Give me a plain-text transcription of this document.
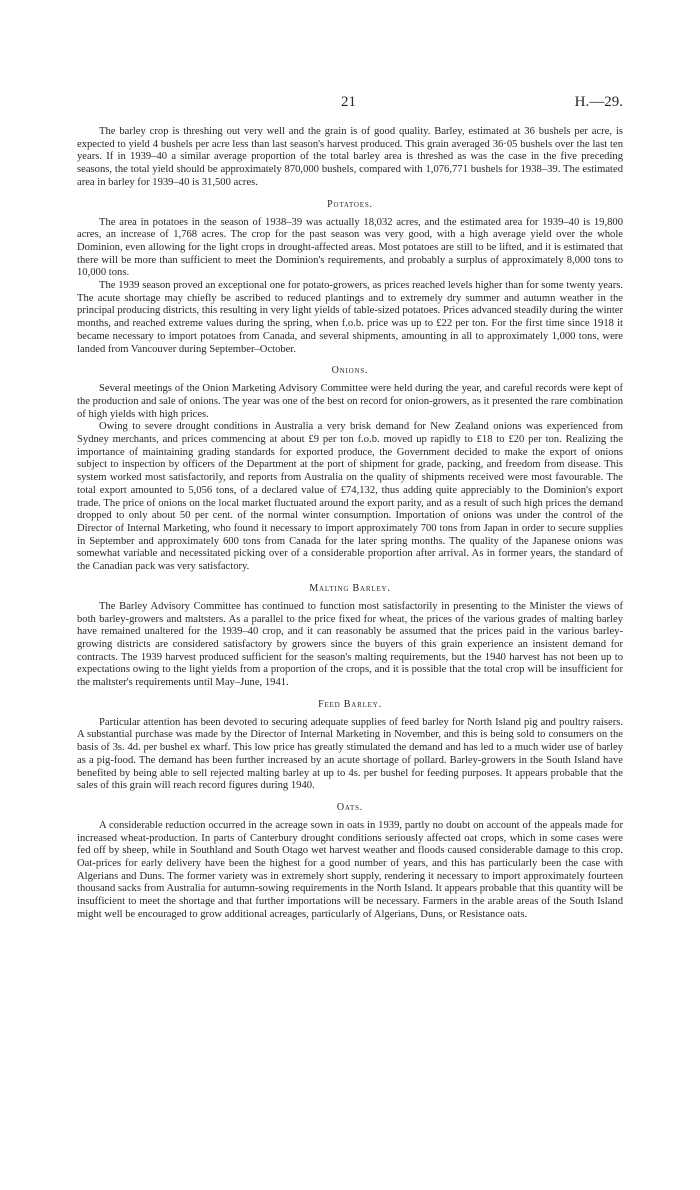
21	H.—29.

The barley crop is threshing out very well and the grain is of good quality. Barley, estimated at 36 bushels per acre, is expected to yield 4 bushels per acre less than last season's harvest produced. This grain averaged 36·05 bushels over the last ten years. If in 1939–40 a similar average proportion of the total barley area is threshed as was the case in the five preceding seasons, the total yield should be approximately 870,000 bushels, compared with 1,076,771 bushels for 1938–39. The estimated area in barley for 1939–40 is 31,500 acres.

Potatoes.

The area in potatoes in the season of 1938–39 was actually 18,032 acres, and the estimated area for 1939–40 is 19,800 acres, an increase of 1,768 acres. The crop for the past season was very good, with a high average yield over the whole Dominion, even allowing for the light crops in drought-affected areas. Most potatoes are still to be lifted, and it is estimated that there will be more than sufficient to meet the Dominion's requirements, and probably a surplus of approximately 8,000 tons to 10,000 tons.

The 1939 season proved an exceptional one for potato-growers, as prices reached levels higher than for some twenty years. The acute shortage may chiefly be ascribed to reduced plantings and to extremely dry summer and autumn weather in the principal producing districts, this resulting in very light yields of table-sized potatoes. Prices advanced steadily during the winter months, and reached extreme values during the spring, when f.o.b. price was up to £22 per ton. For the first time since 1918 it became necessary to import potatoes from Canada, and several shipments, amounting in all to approximately 1,000 tons, were landed from Vancouver during September–October.

Onions.

Several meetings of the Onion Marketing Advisory Committee were held during the year, and careful records were kept of the production and sale of onions. The year was one of the best on record for onion-growers, as it presented the rare combination of high yields with high prices.

Owing to severe drought conditions in Australia a very brisk demand for New Zealand onions was experienced from Sydney merchants, and prices commencing at about £9 per ton f.o.b. moved up rapidly to £18 to £20 per ton. Realizing the importance of maintaining grading standards for exported produce, the Government decided to make the export of onions subject to inspection by officers of the Department at the port of shipment for grade, packing, and freedom from disease. This system worked most satisfactorily, and reports from Australia on the quality of shipments received were most favourable. The total export amounted to 5,056 tons, of a declared value of £74,132, thus adding quite appreciably to the Dominion's export trade. The price of onions on the local market fluctuated around the export parity, and as a result of such high prices the demand dropped to only about 50 per cent. of the normal winter consumption. Importation of onions was under the control of the Director of Internal Marketing, who found it necessary to import approximately 700 tons from Japan in order to secure supplies in September and approximately 600 tons from Canada for the later spring months. The quality of the Japanese onions was somewhat variable and necessitated picking over of a considerable proportion after arrival. As in former years, the standard of the Canadian pack was very satisfactory.

Malting Barley.

The Barley Advisory Committee has continued to function most satisfactorily in presenting to the Minister the views of both barley-growers and maltsters. As a parallel to the price fixed for wheat, the prices of the various grades of malting barley have remained unaltered for the 1939–40 crop, and it can reasonably be assumed that the prices paid in the various barley-growing districts are considered satisfactory by growers since the buyers of this grain experience an insistent demand for contracts. The 1939 harvest produced sufficient for the season's malting requirements, but the 1940 harvest has not been up to expectations owing to the light yields from a proportion of the crops, and it is possible that the total crop will be insufficient for the maltster's requirements until May–June, 1941.

Feed Barley.

Particular attention has been devoted to securing adequate supplies of feed barley for North Island pig and poultry raisers. A substantial purchase was made by the Director of Internal Marketing in November, and this is being sold to consumers on the basis of 3s. 4d. per bushel ex wharf. This low price has greatly stimulated the demand and has led to a much wider use of barley as a pig-food. The demand has been further increased by an acute shortage of pollard. Barley-growers in the South Island have benefited by being able to sell rejected malting barley at up to 4s. per bushel for feeding purposes. It appears probable that the sales of this grain will reach record figures during 1940.

Oats.

A considerable reduction occurred in the acreage sown in oats in 1939, partly no doubt on account of the appeals made for increased wheat-production. In parts of Canterbury drought conditions seriously affected oat crops, which in some cases were fed off by sheep, while in Southland and South Otago wet harvest weather and floods caused considerable damage to this crop. Oat-prices for early delivery have been the highest for a good number of years, and this has particularly been the case with Algerians and Duns. The former variety was in extremely short supply, rendering it necessary to import approximately fourteen thousand sacks from Australia for autumn-sowing requirements in the North Island. It appears probable that this quantity will be insufficient to meet the shortage and that further importations will be necessary. Farmers in the arable areas of the South Island might well be encouraged to grow additional acreages, particularly of Algerians, Duns, or Resistance oats.
